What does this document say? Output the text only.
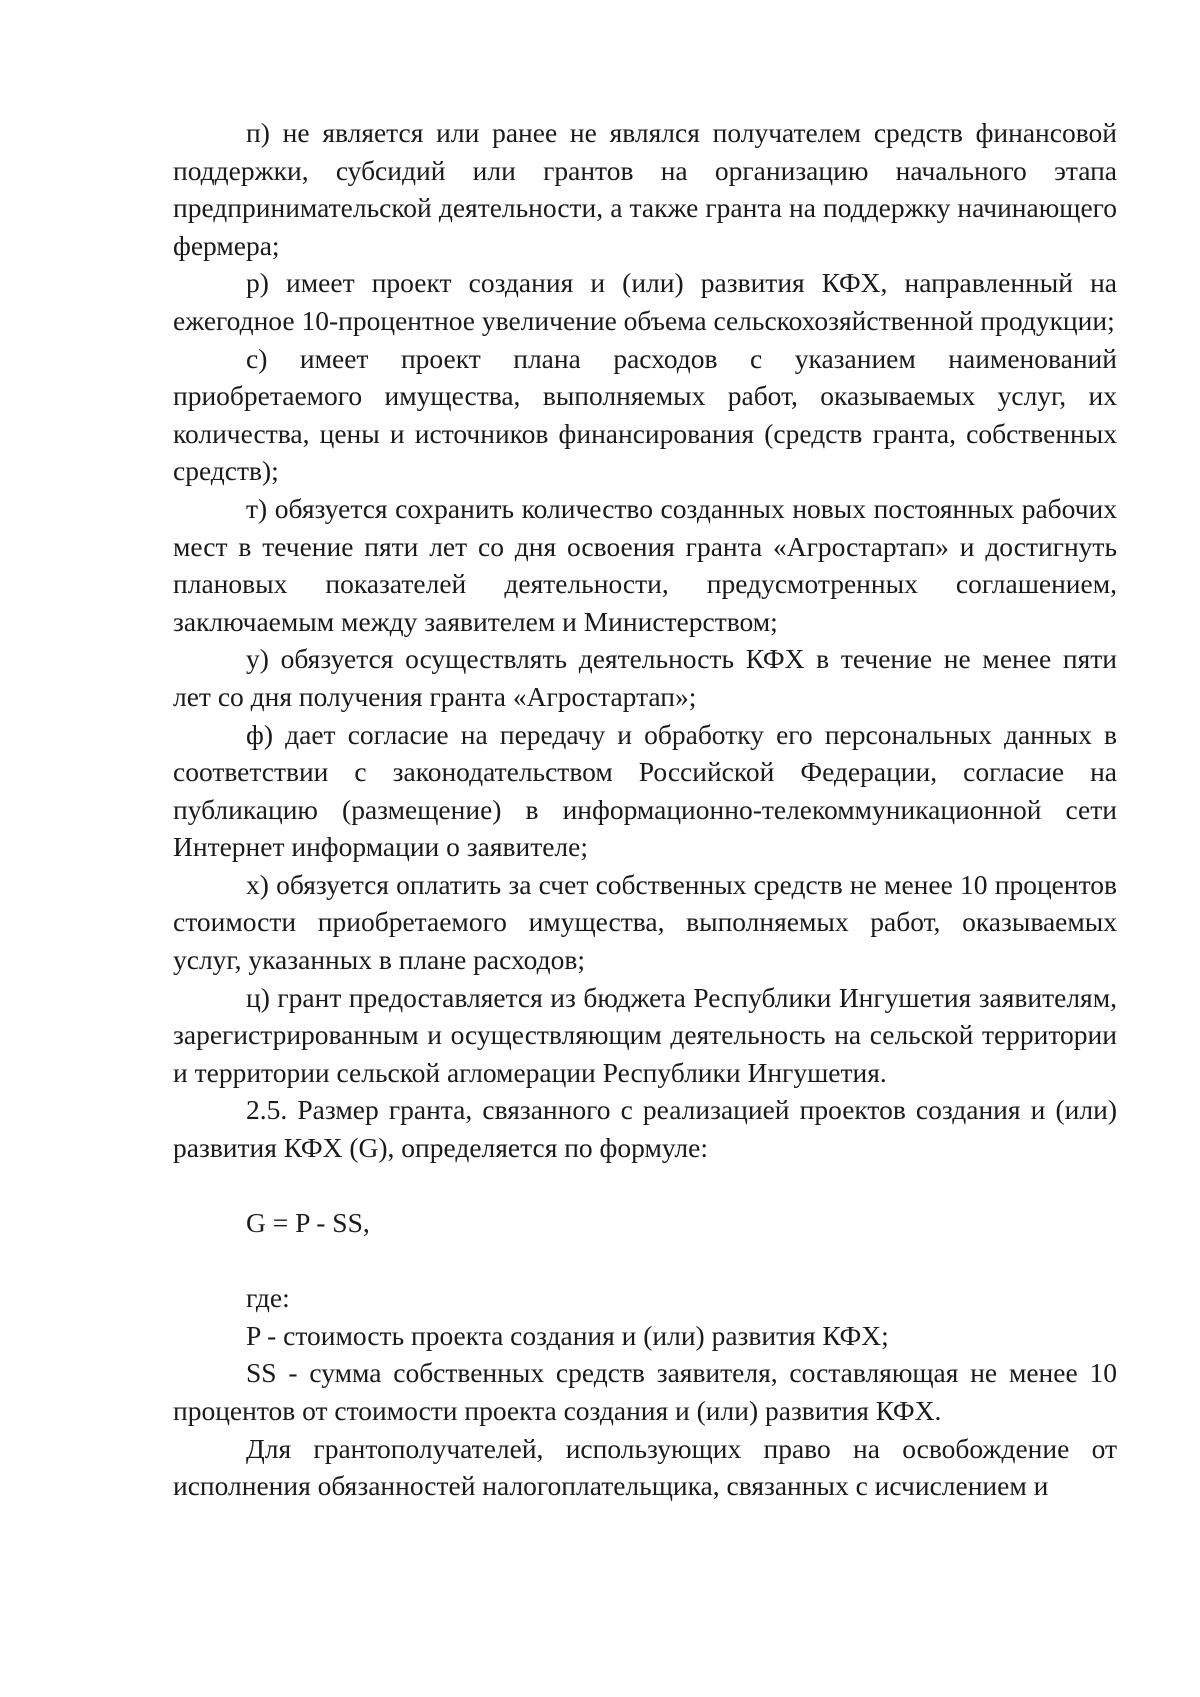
п) не является или ранее не являлся получателем средств финансовой поддержки, субсидий или грантов на организацию начального этапа предпринимательской деятельности, а также гранта на поддержку начинающего фермера;

р) имеет проект создания и (или) развития КФХ, направленный на ежегодное 10-процентное увеличение объема сельскохозяйственной продукции;

с) имеет проект плана расходов с указанием наименований приобретаемого имущества, выполняемых работ, оказываемых услуг, их количества, цены и источников финансирования (средств гранта, собственных средств);

т) обязуется сохранить количество созданных новых постоянных рабочих мест в течение пяти лет со дня освоения гранта «Агростартап» и достигнуть плановых показателей деятельности, предусмотренных соглашением, заключаемым между заявителем и Министерством;

у) обязуется осуществлять деятельность КФХ в течение не менее пяти лет со дня получения гранта «Агростартап»;

ф) дает согласие на передачу и обработку его персональных данных в соответствии с законодательством Российской Федерации, согласие на публикацию (размещение) в информационно-телекоммуникационной сети Интернет информации о заявителе;

х) обязуется оплатить за счет собственных средств не менее 10 процентов стоимости приобретаемого имущества, выполняемых работ, оказываемых услуг, указанных в плане расходов;

ц) грант предоставляется из бюджета Республики Ингушетия заявителям, зарегистрированным и осуществляющим деятельность на сельской территории и территории сельской агломерации Республики Ингушетия.

2.5. Размер гранта, связанного с реализацией проектов создания и (или) развития КФХ (G), определяется по формуле:

G = P - SS,

где:

P - стоимость проекта создания и (или) развития КФХ;

SS - сумма собственных средств заявителя, составляющая не менее 10 процентов от стоимости проекта создания и (или) развития КФХ.

Для грантополучателей, использующих право на освобождение от исполнения обязанностей налогоплательщика, связанных с исчислением и
